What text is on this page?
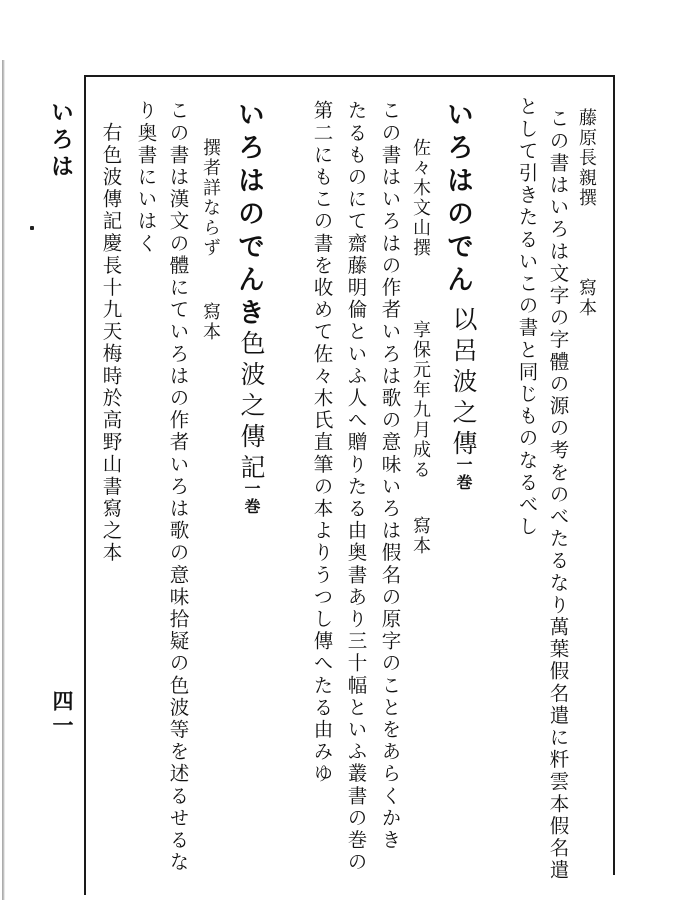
いろは
四一
藤原長親撰
寫本
この書はいろは文字の字體の源の考をのべたるなり萬葉假名遣に粁雲本假名遣
として引きたるいこの書と同じものなるべし
いろはのでん
以呂波之傳
一巻
佐々木文山撰
享保元年九月成る
寫本
この書はいろはの作者いろは歌の意味いろは假名の原字のことをあらくかき
たるものにて齋藤明倫といふ人へ贈りたる由奥書あり三十幅といふ叢書の巻の
第二にもこの書を收めて佐々木氏直筆の本よりうつし傳へたる由みゆ
いろはのでんき
色波之傳記
一巻
撰者詳ならず
寫本
この書は漢文の體にていろはの作者いろは歌の意味拾疑の色波等を述るせるな
り奥書にいはく
右色波傳記慶長十九天梅時於高野山書寫之本
